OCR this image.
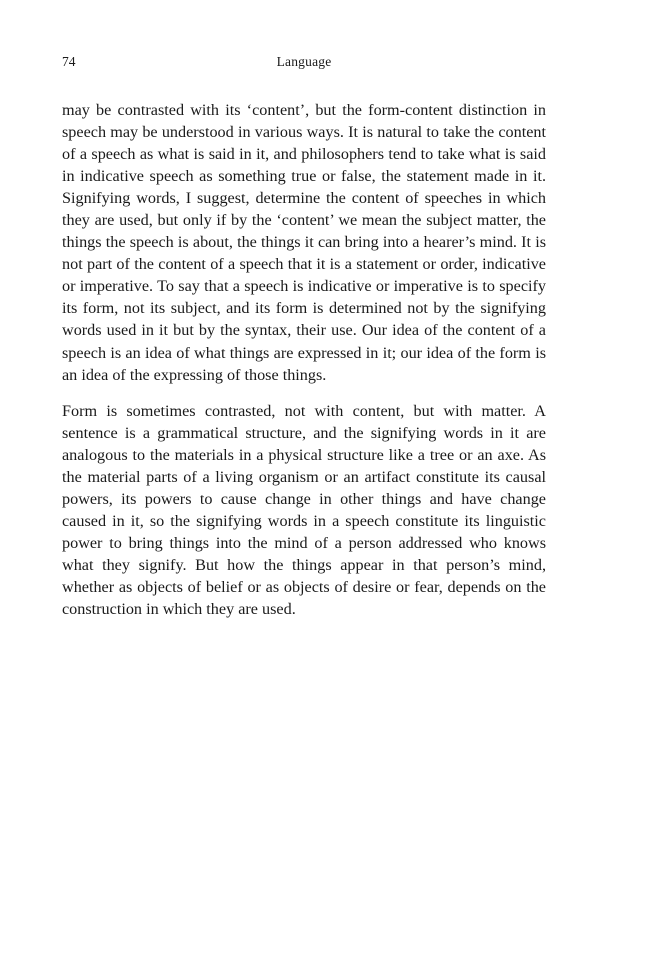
74	Language

may be contrasted with its ‘content’, but the form-content distinction in speech may be understood in various ways. It is natural to take the content of a speech as what is said in it, and philosophers tend to take what is said in indicative speech as something true or false, the statement made in it. Signifying words, I suggest, determine the content of speeches in which they are used, but only if by the ‘content’ we mean the subject matter, the things the speech is about, the things it can bring into a hearer’s mind. It is not part of the content of a speech that it is a statement or order, indicative or imperative. To say that a speech is indicative or imperative is to specify its form, not its subject, and its form is determined not by the signifying words used in it but by the syntax, their use. Our idea of the content of a speech is an idea of what things are expressed in it; our idea of the form is an idea of the expressing of those things.

Form is sometimes contrasted, not with content, but with matter. A sentence is a grammatical structure, and the signifying words in it are analogous to the materials in a physical structure like a tree or an axe. As the material parts of a living organism or an artifact constitute its causal powers, its powers to cause change in other things and have change caused in it, so the signifying words in a speech constitute its linguistic power to bring things into the mind of a person addressed who knows what they signify. But how the things appear in that person’s mind, whether as objects of belief or as objects of desire or fear, depends on the construction in which they are used.
